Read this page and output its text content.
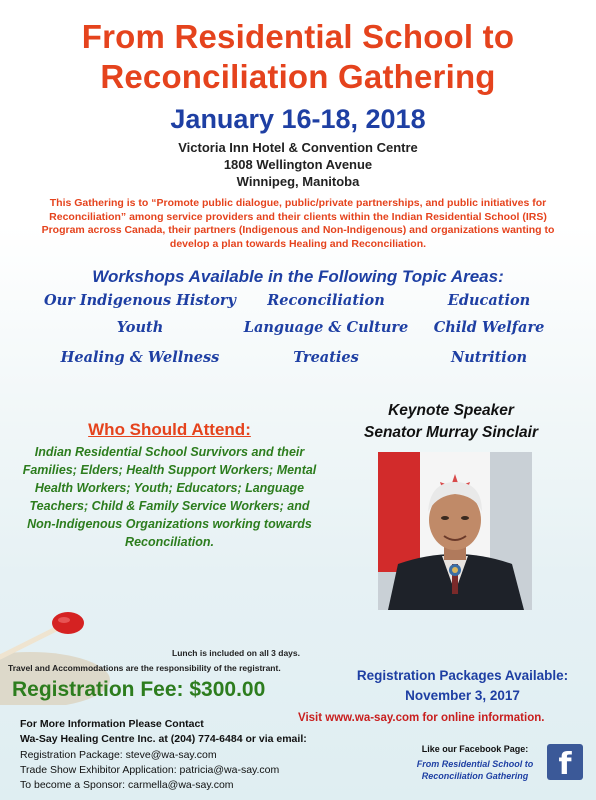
From Residential School to
Reconciliation Gathering
January 16-18, 2018
Victoria Inn Hotel & Convention Centre
1808 Wellington Avenue
Winnipeg, Manitoba
This Gathering is to “Promote public dialogue, public/private partnerships, and public initiatives for Reconciliation” among service providers and their clients within the Indian Residential School (IRS) Program across Canada, their partners (Indigenous and Non-Indigenous) and organizations wanting to develop a plan towards Healing and Reconciliation.
Workshops Available in the Following Topic Areas:
Our Indigenous History	Reconciliation	Education
Youth	Language & Culture	Child Welfare
Healing & Wellness	Treaties	Nutrition
Who Should Attend:
Indian Residential School Survivors and their Families; Elders; Health Support Workers; Mental Health Workers; Youth; Educators; Language Teachers; Child & Family Service Workers; and Non-Indigenous Organizations working towards Reconciliation.
Keynote Speaker
Senator Murray Sinclair
Lunch is included on all 3 days.
Travel and Accommodations are the responsibility of the registrant.
Registration Fee: $300.00
Registration Packages Available:
November 3, 2017
Visit www.wa-say.com for online information.
For More Information Please Contact
Wa-Say Healing Centre Inc. at (204) 774-6484 or via email:
Registration Package: steve@wa-say.com
Trade Show Exhibitor Application: patricia@wa-say.com
To become a Sponsor: carmella@wa-say.com
Like our Facebook Page:
From Residential School to
Reconciliation Gathering	f
